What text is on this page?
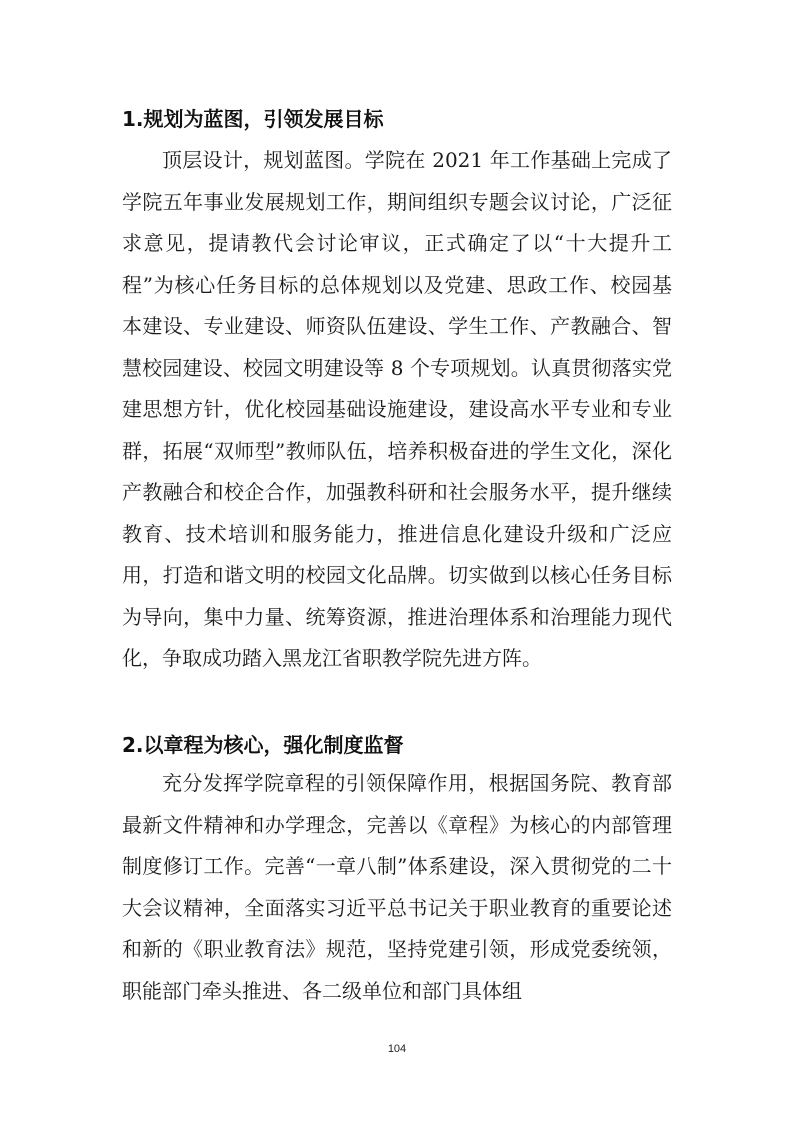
1.规划为蓝图，引领发展目标

顶层设计，规划蓝图。学院在 2021 年工作基础上完成了学院五年事业发展规划工作，期间组织专题会议讨论，广泛征求意见，提请教代会讨论审议，正式确定了以“十大提升工程”为核心任务目标的总体规划以及党建、思政工作、校园基本建设、专业建设、师资队伍建设、学生工作、产教融合、智慧校园建设、校园文明建设等 8 个专项规划。认真贯彻落实党建思想方针，优化校园基础设施建设，建设高水平专业和专业群，拓展“双师型”教师队伍，培养积极奋进的学生文化，深化产教融合和校企合作，加强教科研和社会服务水平，提升继续教育、技术培训和服务能力，推进信息化建设升级和广泛应用，打造和谐文明的校园文化品牌。切实做到以核心任务目标为导向，集中力量、统筹资源，推进治理体系和治理能力现代化，争取成功踏入黑龙江省职教学院先进方阵。

2.以章程为核心，强化制度监督

充分发挥学院章程的引领保障作用，根据国务院、教育部最新文件精神和办学理念，完善以《章程》为核心的内部管理制度修订工作。完善“一章八制”体系建设，深入贯彻党的二十大会议精神，全面落实习近平总书记关于职业教育的重要论述和新的《职业教育法》规范，坚持党建引领，形成党委统领，职能部门牵头推进、各二级单位和部门具体组

104
